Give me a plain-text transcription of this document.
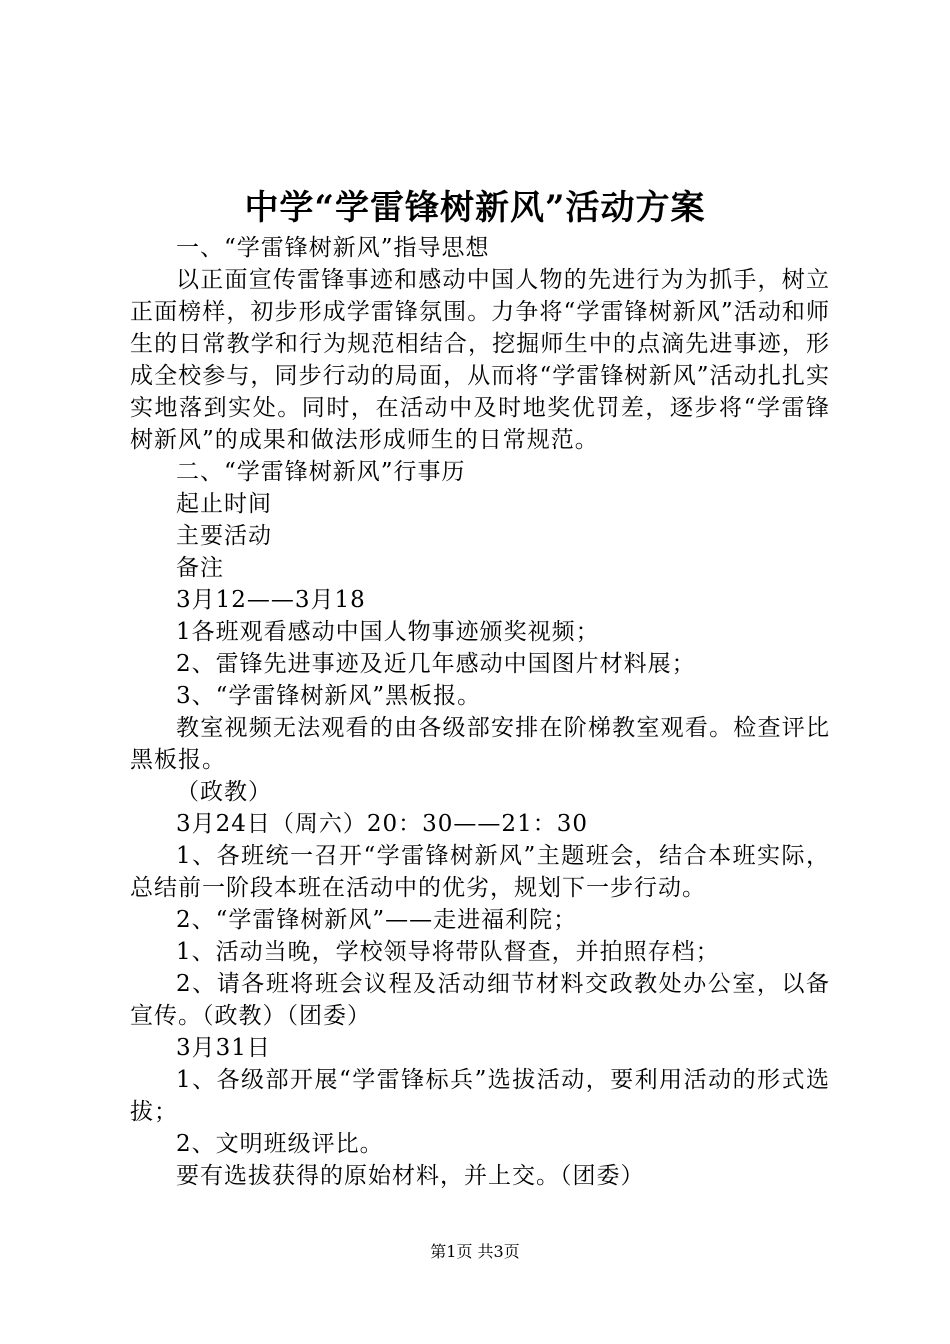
中学“学雷锋树新风”活动方案

一、“学雷锋树新风”指导思想

以正面宣传雷锋事迹和感动中国人物的先进行为为抓手，树立正面榜样，初步形成学雷锋氛围。力争将“学雷锋树新风”活动和师生的日常教学和行为规范相结合，挖掘师生中的点滴先进事迹，形成全校参与，同步行动的局面，从而将“学雷锋树新风”活动扎扎实实地落到实处。同时，在活动中及时地奖优罚差，逐步将“学雷锋树新风”的成果和做法形成师生的日常规范。

二、“学雷锋树新风”行事历

起止时间

主要活动

备注

3月12——3月18

1各班观看感动中国人物事迹颁奖视频；

2、雷锋先进事迹及近几年感动中国图片材料展；

3、“学雷锋树新风”黑板报。

教室视频无法观看的由各级部安排在阶梯教室观看。检查评比黑板报。

（政教）

3月24日（周六）20：30——21：30

1、各班统一召开“学雷锋树新风”主题班会，结合本班实际，总结前一阶段本班在活动中的优劣，规划下一步行动。

2、“学雷锋树新风”——走进福利院；

1、活动当晚，学校领导将带队督查，并拍照存档；

2、请各班将班会议程及活动细节材料交政教处办公室，以备宣传。（政教）（团委）

3月31日

1、各级部开展“学雷锋标兵”选拔活动，要利用活动的形式选拔；

2、文明班级评比。

要有选拔获得的原始材料，并上交。（团委）

第1页 共3页
